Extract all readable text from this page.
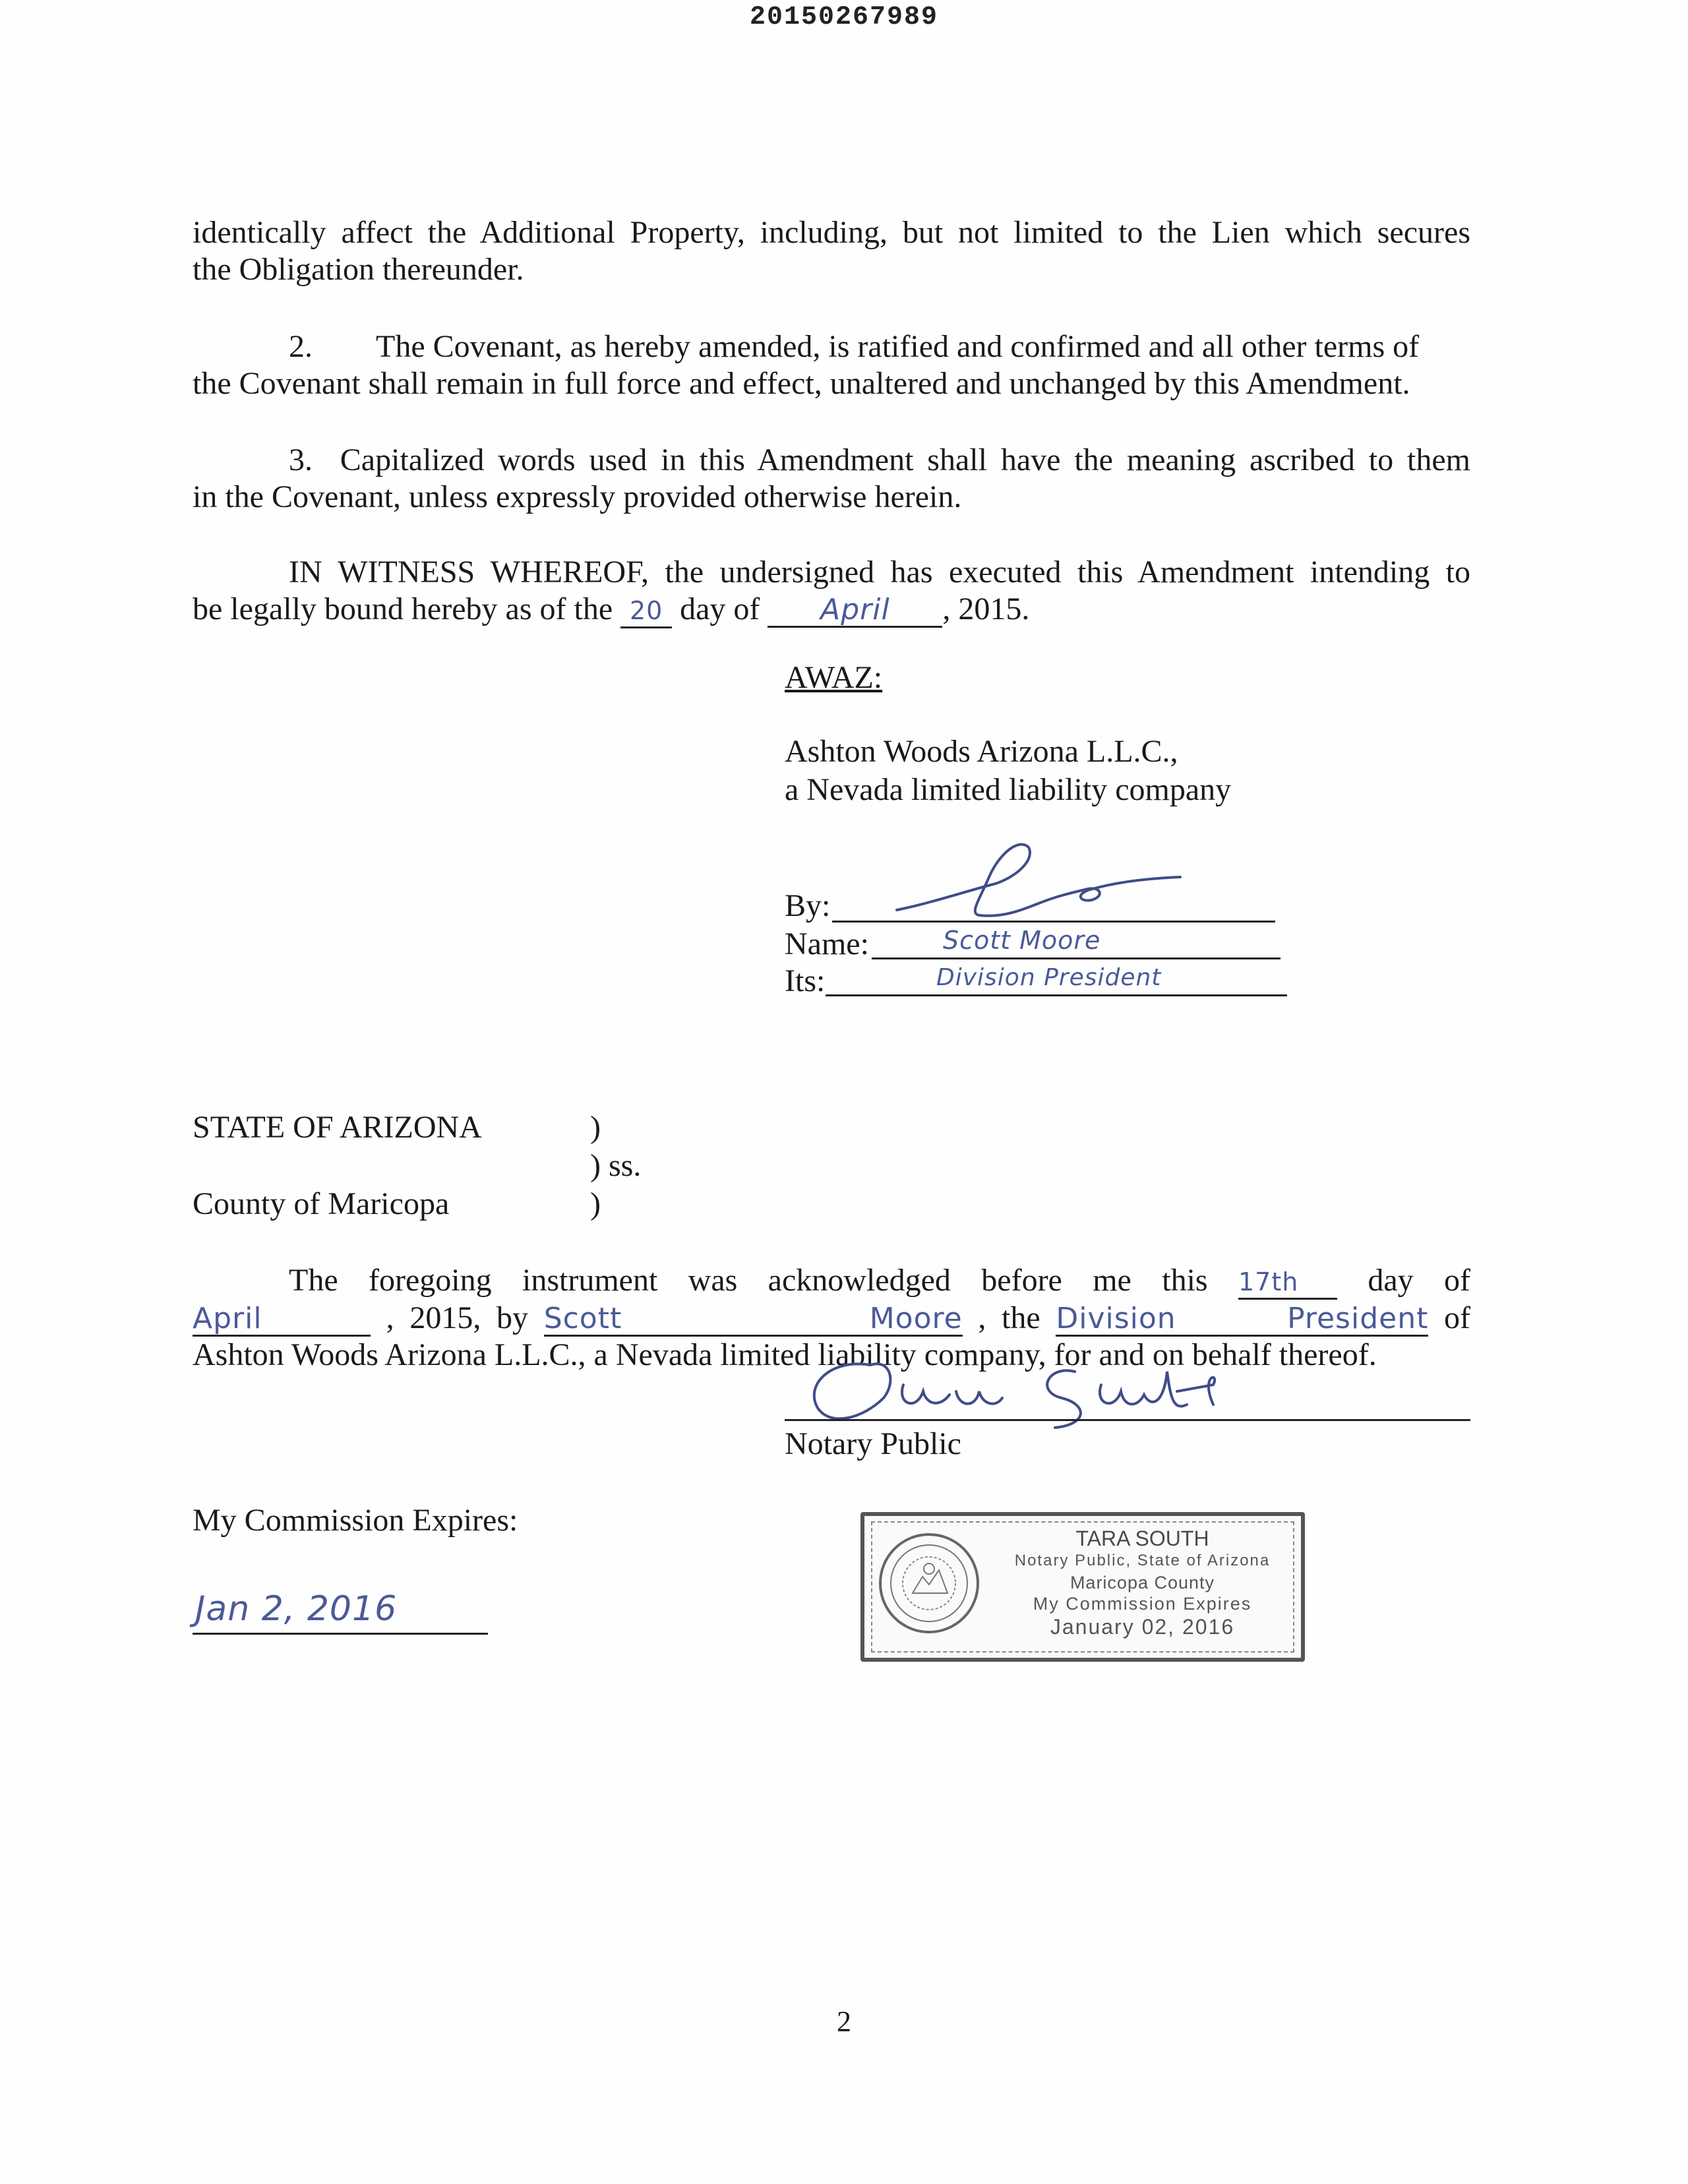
20150267989
identically affect the Additional Property, including, but not limited to the Lien which secures
the Obligation thereunder.
2.        The Covenant, as hereby amended, is ratified and confirmed and all other terms of
the Covenant shall remain in full force and effect, unaltered and unchanged by this Amendment.
3.  Capitalized words used in this Amendment shall have the meaning ascribed to them
in the Covenant, unless expressly provided otherwise herein.
IN WITNESS WHEREOF, the undersigned has executed this Amendment intending to
be legally bound hereby as of the 20 day of April , 2015.
AWAZ:
Ashton Woods Arizona L.L.C.,
a Nevada limited liability company
By:
Name:	Scott Moore
Its:	Division President
STATE OF ARIZONA	)
) ss.
County of Maricopa	)
The foregoing instrument was acknowledged before me this 17th day of
April	, 2015, by Scott Moore , the Division President of
Ashton Woods Arizona L.L.C., a Nevada limited liability company, for and on behalf thereof.
Notary Public
My Commission Expires:
Jan 2, 2016
TARA SOUTH
Notary Public, State of Arizona
Maricopa County
My Commission Expires
January 02, 2016
2
